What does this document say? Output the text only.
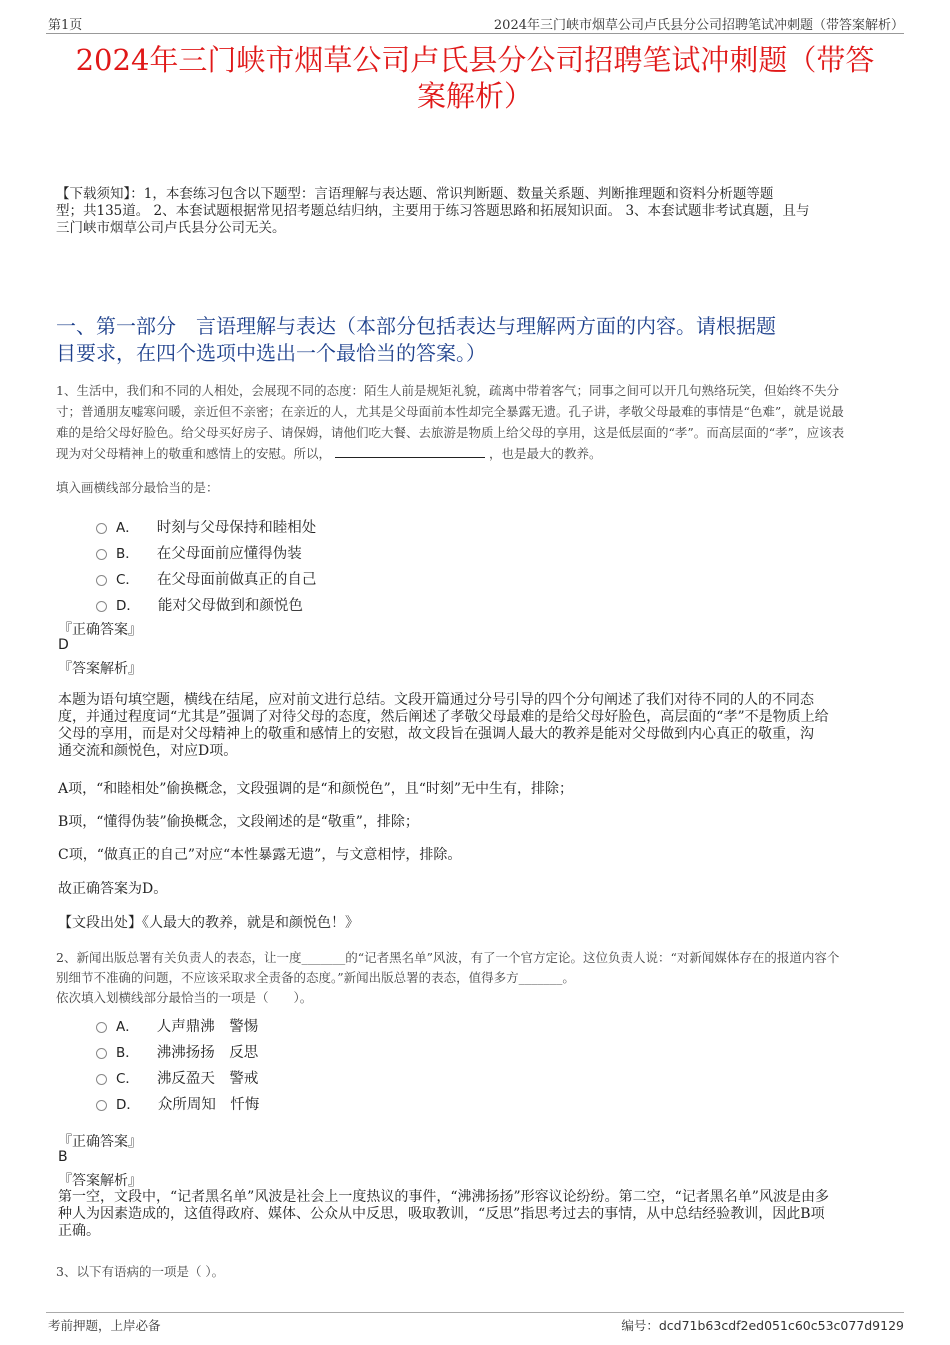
第1页	2024年三门峡市烟草公司卢氏县分公司招聘笔试冲刺题（带答案解析）
2024年三门峡市烟草公司卢氏县分公司招聘笔试冲刺题（带答
案解析）
【下载须知】：1，本套练习包含以下题型：言语理解与表达题、常识判断题、数量关系题、判断推理题和资料分析题等题
型；共135道。 2、本套试题根据常见招考题总结归纳，主要用于练习答题思路和拓展知识面。 3、本套试题非考试真题，且与
三门峡市烟草公司卢氏县分公司无关。
一、第一部分　言语理解与表达（本部分包括表达与理解两方面的内容。请根据题
目要求，在四个选项中选出一个最恰当的答案。）
1、生活中，我们和不同的人相处，会展现不同的态度：陌生人前是规矩礼貌，疏离中带着客气；同事之间可以开几句熟络玩笑，但始终不失分
寸；普通朋友嘘寒问暖，亲近但不亲密；在亲近的人，尤其是父母面前本性却完全暴露无遗。孔子讲，孝敬父母最难的事情是“色难”，就是说最
难的是给父母好脸色。给父母买好房子、请保姆，请他们吃大餐、去旅游是物质上给父母的享用，这是低层面的“孝”。而高层面的“孝”，应该表
现为对父母精神上的敬重和感情上的安慰。所以，	，也是最大的教养。
填入画横线部分最恰当的是：
A． 时刻与父母保持和睦相处
B． 在父母面前应懂得伪装
C． 在父母面前做真正的自己
D． 能对父母做到和颜悦色
『正确答案』
D
『答案解析』
本题为语句填空题，横线在结尾，应对前文进行总结。文段开篇通过分号引导的四个分句阐述了我们对待不同的人的不同态
度，并通过程度词“尤其是”强调了对待父母的态度，然后阐述了孝敬父母最难的是给父母好脸色，高层面的“孝”不是物质上给
父母的享用，而是对父母精神上的敬重和感情上的安慰，故文段旨在强调人最大的教养是能对父母做到内心真正的敬重，沟
通交流和颜悦色，对应D项。
A项，“和睦相处”偷换概念，文段强调的是“和颜悦色”，且“时刻”无中生有，排除；
B项，“懂得伪装”偷换概念，文段阐述的是“敬重”，排除；
C项，“做真正的自己”对应“本性暴露无遗”，与文意相悖，排除。
故正确答案为D。
【文段出处】《人最大的教养，就是和颜悦色！》
2、新闻出版总署有关负责人的表态，让一度_______的“记者黑名单”风波，有了一个官方定论。这位负责人说：“对新闻媒体存在的报道内容个
别细节不准确的问题，不应该采取求全责备的态度。”新闻出版总署的表态，值得多方_______。
依次填入划横线部分最恰当的一项是（　　）。
A． 人声鼎沸　警惕
B． 沸沸扬扬　反思
C． 沸反盈天　警戒
D． 众所周知　忏悔
『正确答案』
B
『答案解析』
第一空，文段中，“记者黑名单”风波是社会上一度热议的事件，“沸沸扬扬”形容议论纷纷。第二空，“记者黑名单”风波是由多
种人为因素造成的，这值得政府、媒体、公众从中反思，吸取教训，“反思”指思考过去的事情，从中总结经验教训，因此B项
正确。
3、以下有语病的一项是（ ）。
考前押题，上岸必备	编号：dcd71b63cdf2ed051c60c53c077d9129
